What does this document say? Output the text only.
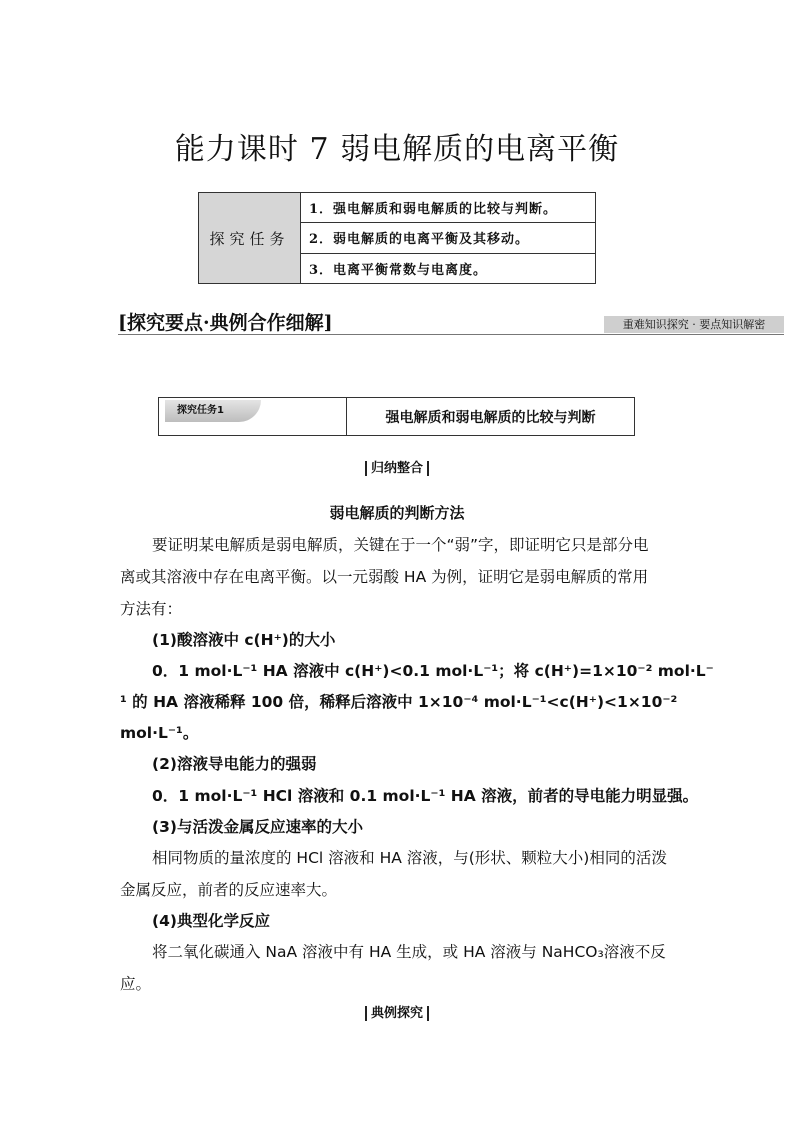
能力课时 7 弱电解质的电离平衡
探究任务
1．强电解质和弱电解质的比较与判断。
2．弱电解质的电离平衡及其移动。
3．电离平衡常数与电离度。
[探究要点·典例合作细解]	重难知识探究 · 要点知识解密
探究任务1	强电解质和弱电解质的比较与判断
归纳整合
弱电解质的判断方法
要证明某电解质是弱电解质，关键在于一个“弱”字，即证明它只是部分电
离或其溶液中存在电离平衡。以一元弱酸 HA 为例，证明它是弱电解质的常用
方法有：
(1)酸溶液中 c(H⁺)的大小
0．1 mol·L⁻¹ HA 溶液中 c(H⁺)<0.1 mol·L⁻¹；将 c(H⁺)=1×10⁻² mol·L⁻
¹ 的 HA 溶液稀释 100 倍，稀释后溶液中 1×10⁻⁴ mol·L⁻¹<c(H⁺)<1×10⁻²
mol·L⁻¹。
(2)溶液导电能力的强弱
0．1 mol·L⁻¹ HCl 溶液和 0.1 mol·L⁻¹ HA 溶液，前者的导电能力明显强。
(3)与活泼金属反应速率的大小
相同物质的量浓度的 HCl 溶液和 HA 溶液，与(形状、颗粒大小)相同的活泼
金属反应，前者的反应速率大。
(4)典型化学反应
将二氧化碳通入 NaA 溶液中有 HA 生成，或 HA 溶液与 NaHCO₃溶液不反
应。
典例探究
